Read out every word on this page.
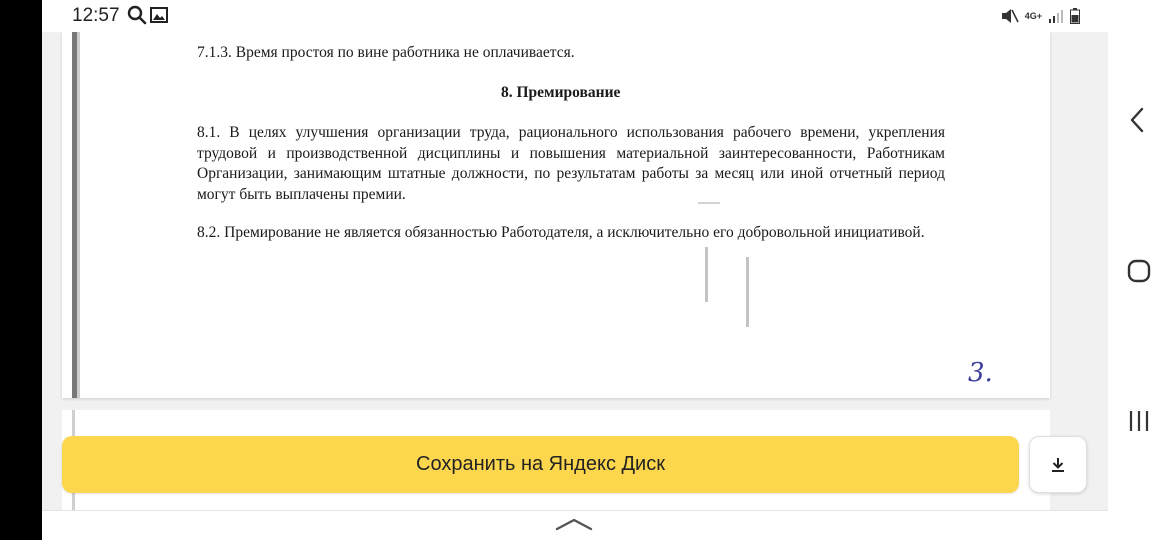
12:57	4G+
7.1.3. Время простоя по вине работника не оплачивается.
8. Премирование
8.1. В целях улучшения организации труда, рационального использования рабочего времени, укрепления трудовой и производственной дисциплины и повышения материальной заинтересованности, Работникам Организации, занимающим штатные должности, по результатам работы за месяц или иной отчетный период могут быть выплачены премии.
8.2. Премирование не является обязанностью Работодателя, а исключительно его добровольной инициативой.
3.
Сохранить на Яндекс Диск
